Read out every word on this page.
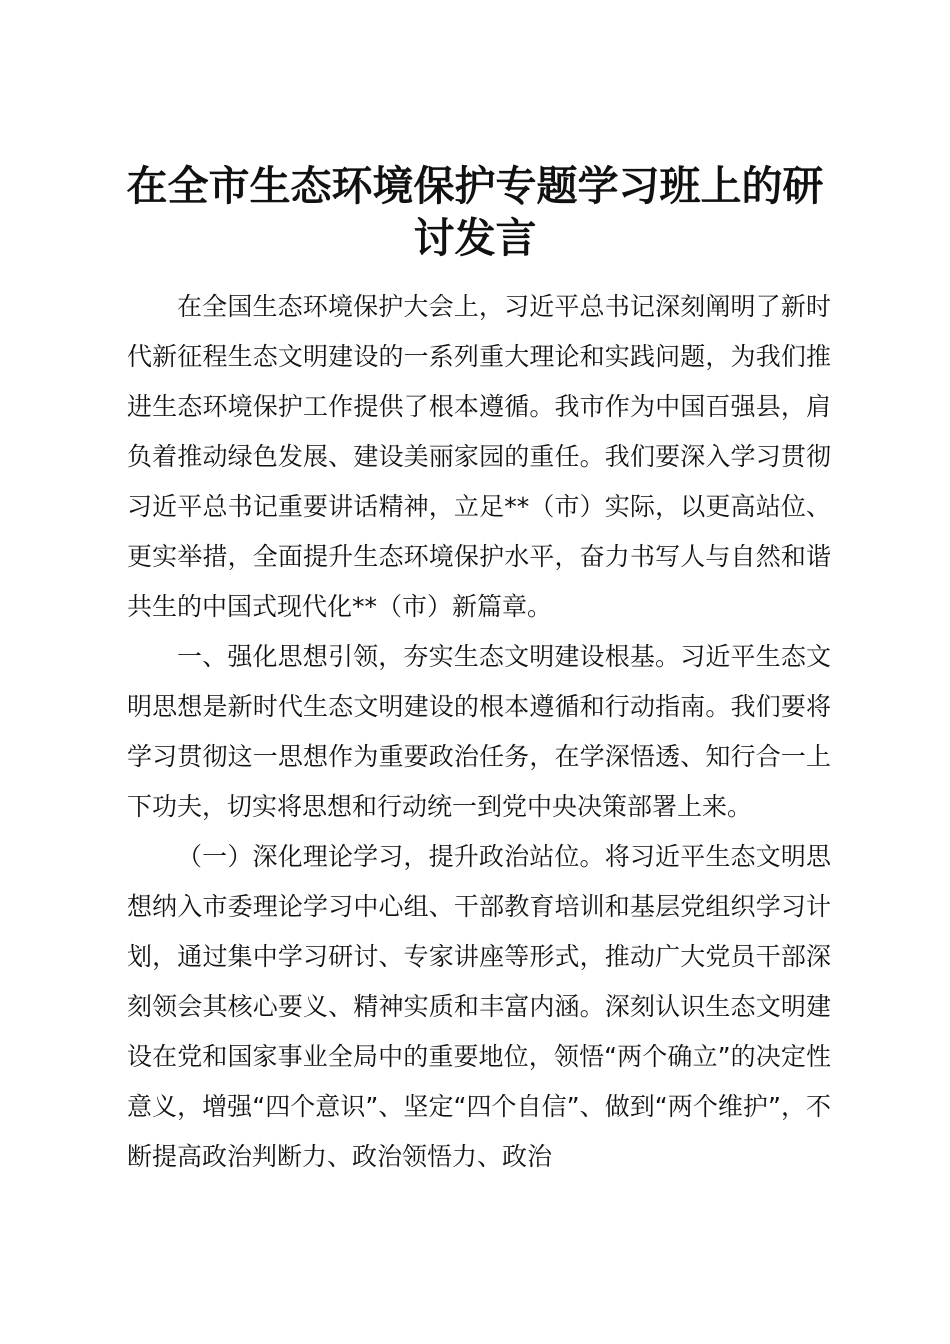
在全市生态环境保护专题学习班上的研讨发言

在全国生态环境保护大会上，习近平总书记深刻阐明了新时代新征程生态文明建设的一系列重大理论和实践问题，为我们推进生态环境保护工作提供了根本遵循。我市作为中国百强县，肩负着推动绿色发展、建设美丽家园的重任。我们要深入学习贯彻习近平总书记重要讲话精神，立足**（市）实际，以更高站位、更实举措，全面提升生态环境保护水平，奋力书写人与自然和谐共生的中国式现代化**（市）新篇章。

一、强化思想引领，夯实生态文明建设根基。习近平生态文明思想是新时代生态文明建设的根本遵循和行动指南。我们要将学习贯彻这一思想作为重要政治任务，在学深悟透、知行合一上下功夫，切实将思想和行动统一到党中央决策部署上来。

（一）深化理论学习，提升政治站位。将习近平生态文明思想纳入市委理论学习中心组、干部教育培训和基层党组织学习计划，通过集中学习研讨、专家讲座等形式，推动广大党员干部深刻领会其核心要义、精神实质和丰富内涵。深刻认识生态文明建设在党和国家事业全局中的重要地位，领悟“两个确立”的决定性意义，增强“四个意识”、坚定“四个自信”、做到“两个维护”，不断提高政治判断力、政治领悟力、政治
